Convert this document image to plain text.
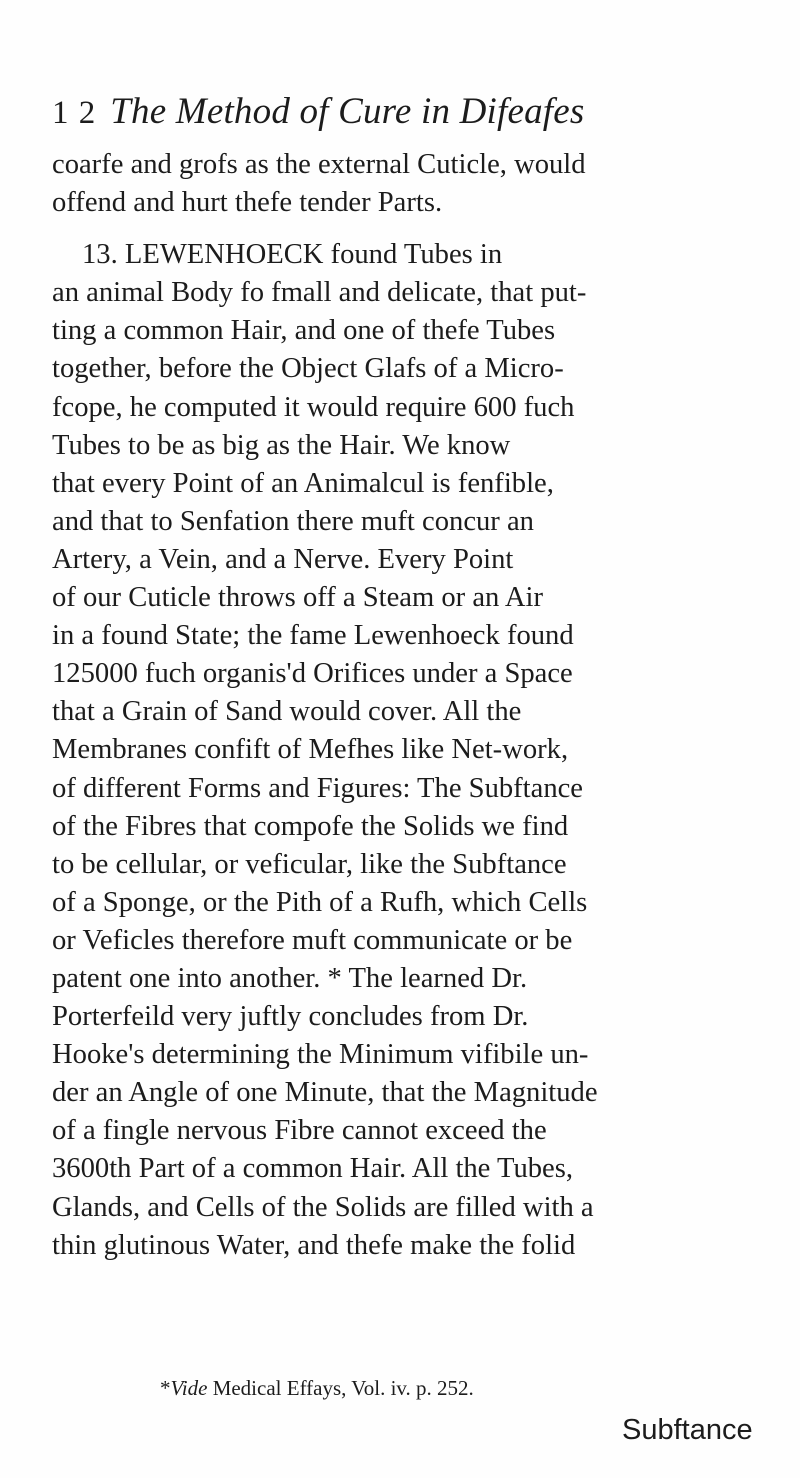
1 2 The Method of Cure in Difeafes
coarfe and grofs as the external Cuticle, would
offend and hurt thefe tender Parts.
13. LEWENHOECK found Tubes in
an animal Body fo fmall and delicate, that put-
ting a common Hair, and one of thefe Tubes
together, before the Object Glafs of a Micro-
fcope, he computed it would require 600 fuch
Tubes to be as big as the Hair. We know
that every Point of an Animalcul is fenfible,
and that to Senfation there muft concur an
Artery, a Vein, and a Nerve. Every Point
of our Cuticle throws off a Steam or an Air
in a found State; the fame Lewenhoeck found
125000 fuch organis'd Orifices under a Space
that a Grain of Sand would cover. All the
Membranes confift of Mefhes like Net-work,
of different Forms and Figures: The Subftance
of the Fibres that compofe the Solids we find
to be cellular, or veficular, like the Subftance
of a Sponge, or the Pith of a Rufh, which Cells
or Veficles therefore muft communicate or be
patent one into another. * The learned Dr.
Porterfeild very juftly concludes from Dr.
Hooke's determining the Minimum vifibile un-
der an Angle of one Minute, that the Magnitude
of a fingle nervous Fibre cannot exceed the
3600th Part of a common Hair. All the Tubes,
Glands, and Cells of the Solids are filled with a
thin glutinous Water, and thefe make the folid
*Vide Medical Effays, Vol. iv. p. 252.
Subftance
